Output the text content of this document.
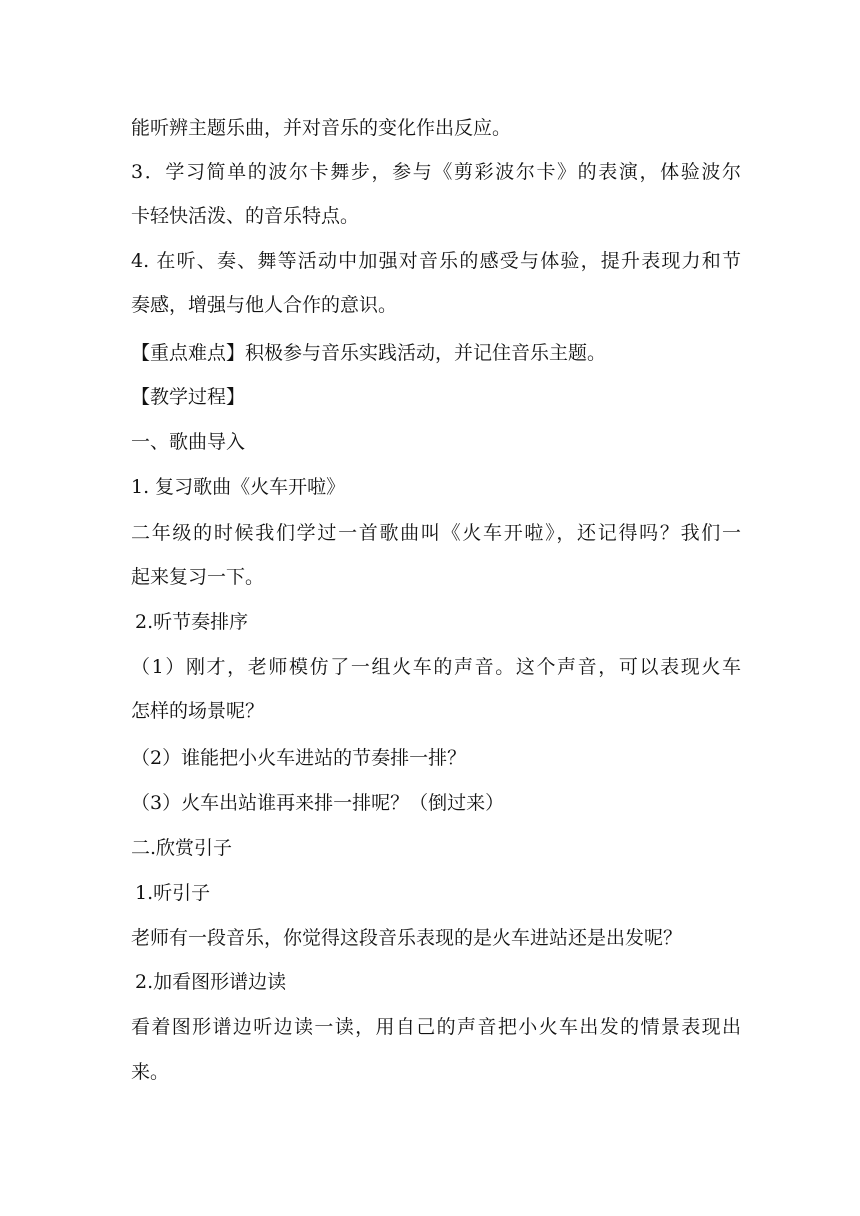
能听辨主题乐曲，并对音乐的变化作出反应。
3．学习简单的波尔卡舞步，参与《剪彩波尔卡》的表演，体验波尔
卡轻快活泼、的音乐特点。
4. 在听、奏、舞等活动中加强对音乐的感受与体验，提升表现力和节
奏感，增强与他人合作的意识。
【重点难点】积极参与音乐实践活动，并记住音乐主题。
【教学过程】
一、歌曲导入
1. 复习歌曲《火车开啦》
二年级的时候我们学过一首歌曲叫《火车开啦》，还记得吗？我们一
起来复习一下。
2.听节奏排序
（1）刚才，老师模仿了一组火车的声音。这个声音，可以表现火车
怎样的场景呢？
（2）谁能把小火车进站的节奏排一排？
（3）火车出站谁再来排一排呢？（倒过来）
二.欣赏引子
1.听引子
老师有一段音乐，你觉得这段音乐表现的是火车进站还是出发呢？
2.加看图形谱边读
看着图形谱边听边读一读，用自己的声音把小火车出发的情景表现出
来。
